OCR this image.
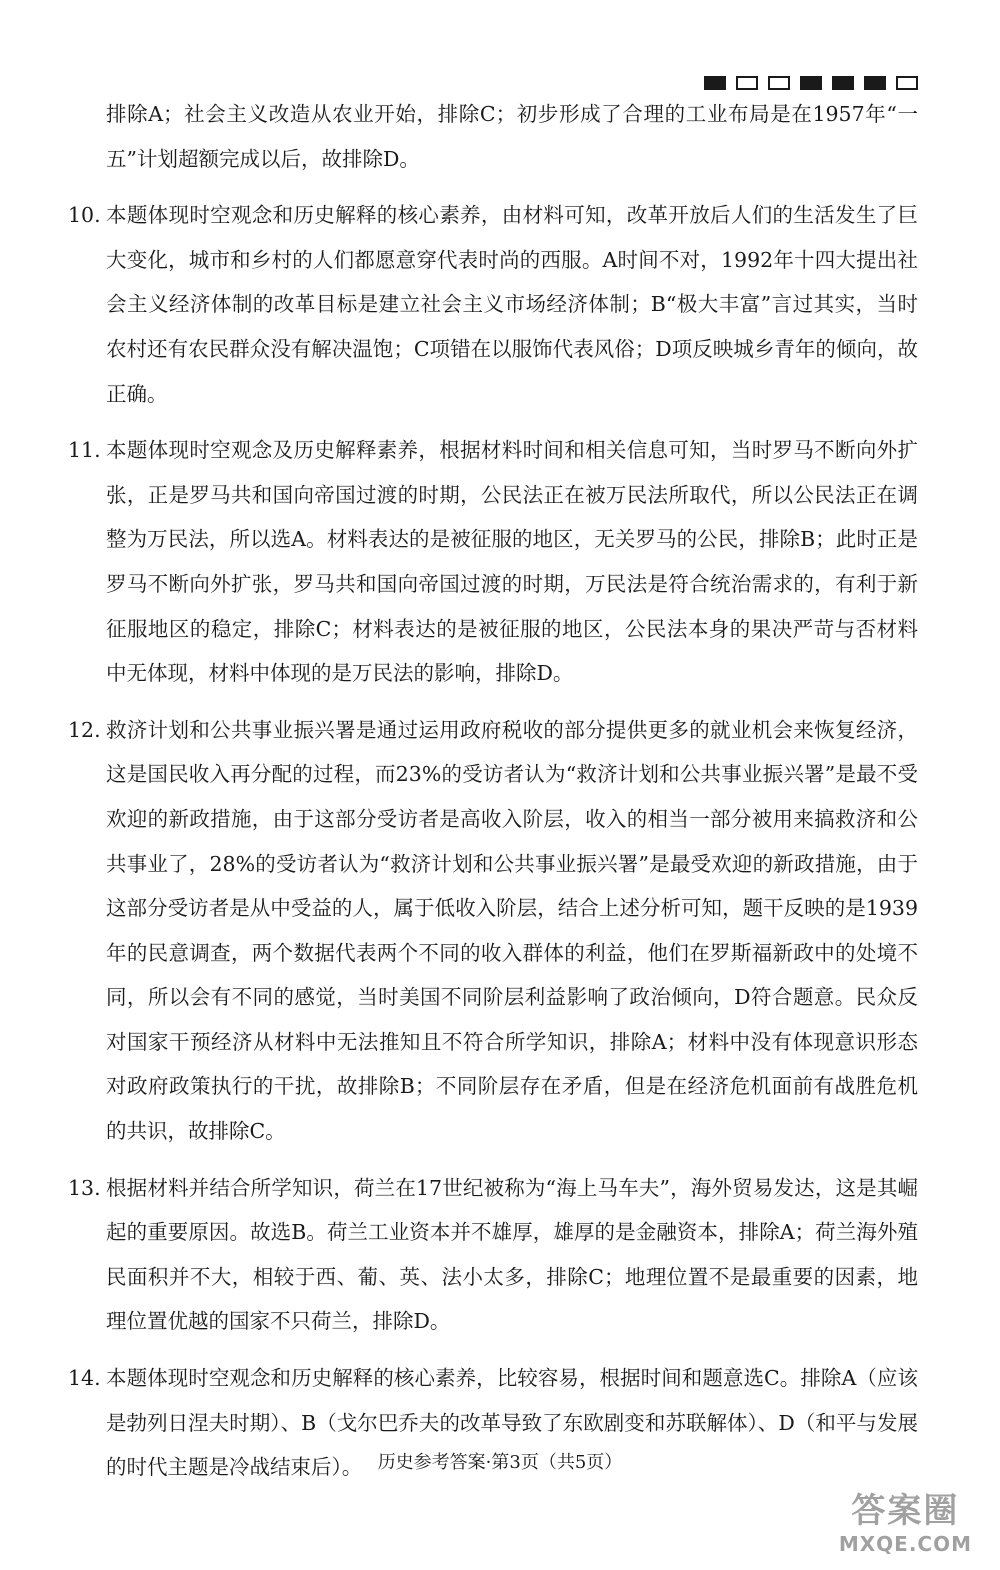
排除A；社会主义改造从农业开始，排除C；初步形成了合理的工业布局是在1957年“一五”计划超额完成以后，故排除D。

10. 本题体现时空观念和历史解释的核心素养，由材料可知，改革开放后人们的生活发生了巨大变化，城市和乡村的人们都愿意穿代表时尚的西服。A时间不对，1992年十四大提出社会主义经济体制的改革目标是建立社会主义市场经济体制；B“极大丰富”言过其实，当时农村还有农民群众没有解决温饱；C项错在以服饰代表风俗；D项反映城乡青年的倾向，故正确。

11. 本题体现时空观念及历史解释素养，根据材料时间和相关信息可知，当时罗马不断向外扩张，正是罗马共和国向帝国过渡的时期，公民法正在被万民法所取代，所以公民法正在调整为万民法，所以选A。材料表达的是被征服的地区，无关罗马的公民，排除B；此时正是罗马不断向外扩张，罗马共和国向帝国过渡的时期，万民法是符合统治需求的，有利于新征服地区的稳定，排除C；材料表达的是被征服的地区，公民法本身的果决严苛与否材料中无体现，材料中体现的是万民法的影响，排除D。

12. 救济计划和公共事业振兴署是通过运用政府税收的部分提供更多的就业机会来恢复经济，这是国民收入再分配的过程，而23%的受访者认为“救济计划和公共事业振兴署”是最不受欢迎的新政措施，由于这部分受访者是高收入阶层，收入的相当一部分被用来搞救济和公共事业了，28%的受访者认为“救济计划和公共事业振兴署”是最受欢迎的新政措施，由于这部分受访者是从中受益的人，属于低收入阶层，结合上述分析可知，题干反映的是1939年的民意调查，两个数据代表两个不同的收入群体的利益，他们在罗斯福新政中的处境不同，所以会有不同的感觉，当时美国不同阶层利益影响了政治倾向，D符合题意。民众反对国家干预经济从材料中无法推知且不符合所学知识，排除A；材料中没有体现意识形态对政府政策执行的干扰，故排除B；不同阶层存在矛盾，但是在经济危机面前有战胜危机的共识，故排除C。

13. 根据材料并结合所学知识，荷兰在17世纪被称为“海上马车夫”，海外贸易发达，这是其崛起的重要原因。故选B。荷兰工业资本并不雄厚，雄厚的是金融资本，排除A；荷兰海外殖民面积并不大，相较于西、葡、英、法小太多，排除C；地理位置不是最重要的因素，地理位置优越的国家不只荷兰，排除D。

14. 本题体现时空观念和历史解释的核心素养，比较容易，根据时间和题意选C。排除A（应该是勃列日涅夫时期）、B（戈尔巴乔夫的改革导致了东欧剧变和苏联解体）、D（和平与发展的时代主题是冷战结束后）。 历史参考答案·第3页（共5页）
答案圈
MXQE.COM
